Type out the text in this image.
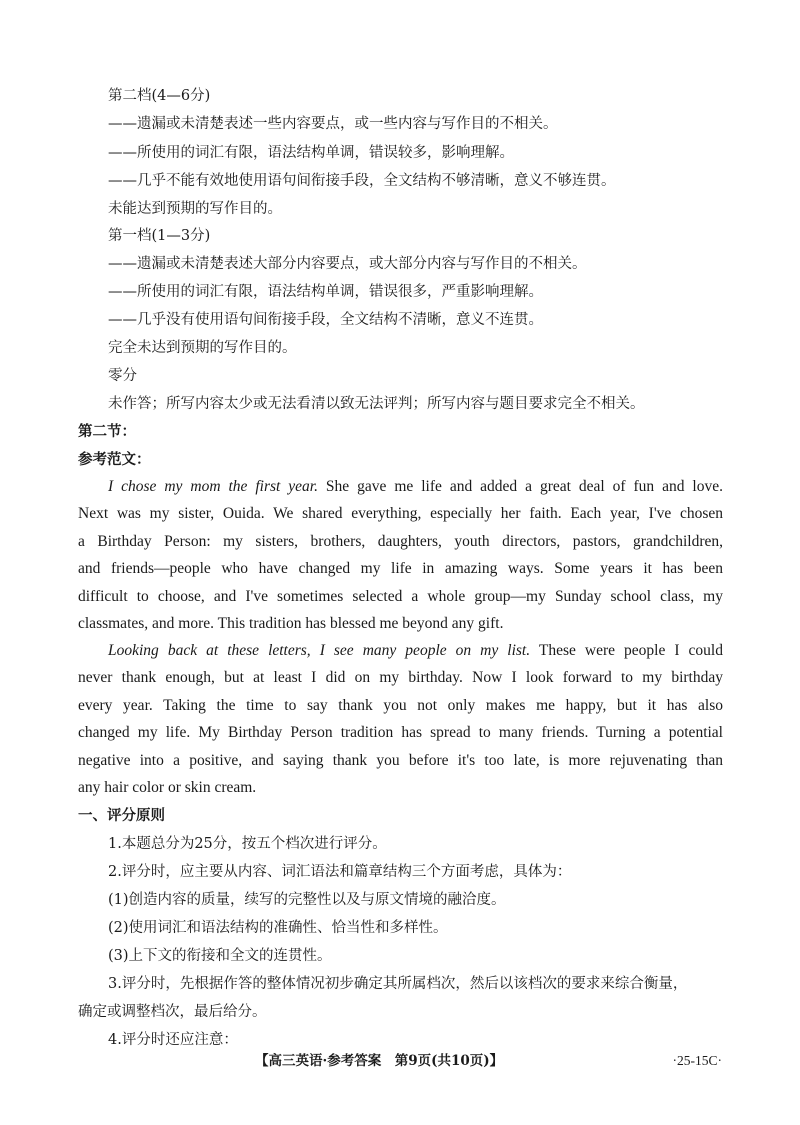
第二档(4—6分)
——遗漏或未清楚表述一些内容要点，或一些内容与写作目的不相关。
——所使用的词汇有限，语法结构单调，错误较多，影响理解。
——几乎不能有效地使用语句间衔接手段，全文结构不够清晰，意义不够连贯。
未能达到预期的写作目的。
第一档(1—3分)
——遗漏或未清楚表述大部分内容要点，或大部分内容与写作目的不相关。
——所使用的词汇有限，语法结构单调，错误很多，严重影响理解。
——几乎没有使用语句间衔接手段，全文结构不清晰，意义不连贯。
完全未达到预期的写作目的。
零分
未作答；所写内容太少或无法看清以致无法评判；所写内容与题目要求完全不相关。
第二节：
参考范文：
I chose my mom the first year. She gave me life and added a great deal of fun and love.
Next was my sister, Ouida. We shared everything, especially her faith. Each year, I've chosen
a Birthday Person: my sisters, brothers, daughters, youth directors, pastors, grandchildren,
and friends—people who have changed my life in amazing ways. Some years it has been
difficult to choose, and I've sometimes selected a whole group—my Sunday school class, my
classmates, and more. This tradition has blessed me beyond any gift.
Looking back at these letters, I see many people on my list. These were people I could
never thank enough, but at least I did on my birthday. Now I look forward to my birthday
every year. Taking the time to say thank you not only makes me happy, but it has also
changed my life. My Birthday Person tradition has spread to many friends. Turning a potential
negative into a positive, and saying thank you before it's too late, is more rejuvenating than
any hair color or skin cream.
一、评分原则
1.本题总分为25分，按五个档次进行评分。
2.评分时，应主要从内容、词汇语法和篇章结构三个方面考虑，具体为：
(1)创造内容的质量，续写的完整性以及与原文情境的融洽度。
(2)使用词汇和语法结构的准确性、恰当性和多样性。
(3)上下文的衔接和全文的连贯性。
3.评分时，先根据作答的整体情况初步确定其所属档次，然后以该档次的要求来综合衡量，
确定或调整档次，最后给分。
4.评分时还应注意：
【高三英语·参考答案　第9页(共10页)】	·25-15C·
